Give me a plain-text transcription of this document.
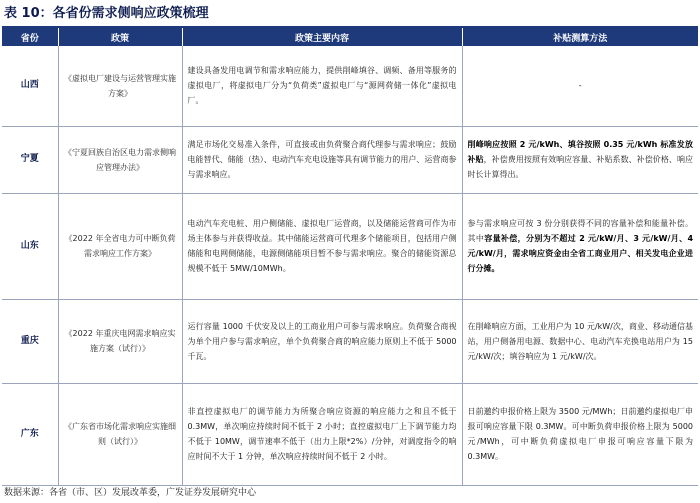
表 10：各省份需求侧响应政策梳理
省份	政策	政策主要内容	补贴测算方法
山西	《虚拟电厂建设与运营管理实施方案》	建设具备发用电调节和需求响应能力，提供削峰填谷、调频、备用等服务的虚拟电厂，将虚拟电厂分为“负荷类”虚拟电厂与“源网荷储一体化”虚拟电厂。	-
宁夏	《宁夏回族自治区电力需求侧响应管理办法》	满足市场化交易准入条件，可直接或由负荷聚合商代理参与需求响应；鼓励电能替代、储能（热）、电动汽车充电设施等具有调节能力的用户、运营商参与需求响应。	削峰响应按照 2 元/kWh、填谷按照 0.35 元/kWh 标准发放补贴，补偿费用按照有效响应容量、补贴系数、补偿价格、响应时长计算得出。
山东	《2022 年全省电力可中断负荷需求响应工作方案》	电动汽车充电桩、用户侧储能、虚拟电厂运营商，以及储能运营商可作为市场主体参与并获得收益。其中储能运营商可代理多个储能项目，包括用户侧储能和电网侧储能，电源侧储能项目暂不参与需求响应。聚合的储能资源总规模不低于 5MW/10MWh。	参与需求响应可按 3 份分别获得不同的容量补偿和能量补偿。其中容量补偿，分别为不超过 2 元/kW/月、3 元/kW/月、4 元/kW/月，需求响应资金由全省工商业用户、相关发电企业进行分摊。
重庆	《2022 年重庆电网需求响应实施方案（试行）》	运行容量 1000 千伏安及以上的工商业用户可参与需求响应。负荷聚合商视为单个用户参与需求响应，单个负荷聚合商的响应能力原则上不低于 5000 千瓦。	在削峰响应方面，工业用户为 10 元/kW/次，商业、移动通信基站，用户侧备用电源、数据中心、电动汽车充换电站用户为 15 元/kW/次；填谷响应为 1 元/kW/次。
广东	《广东省市场化需求响应实施细则（试行）》	非直控虚拟电厂的调节能力为所聚合响应资源的响应能力之和且不低于 0.3MW，单次响应持续时间不低于 2 小时；直控虚拟电厂上下调节能力均不低于 10MW，调节速率不低于（出力上限*2%）/分钟，对调度指令的响应时间不大于 1 分钟，单次响应持续时间不低于 2 小时。	日前邀约申报价格上限为 3500 元/MWh；日前邀约虚拟电厂申报可响应容量下限 0.3MW。可中断负荷申报价格上限为 5000 元/MWh，可中断负荷虚拟电厂申报可响应容量下限为 0.3MW。
数据来源：各省（市、区）发展改革委，广发证券发展研究中心
